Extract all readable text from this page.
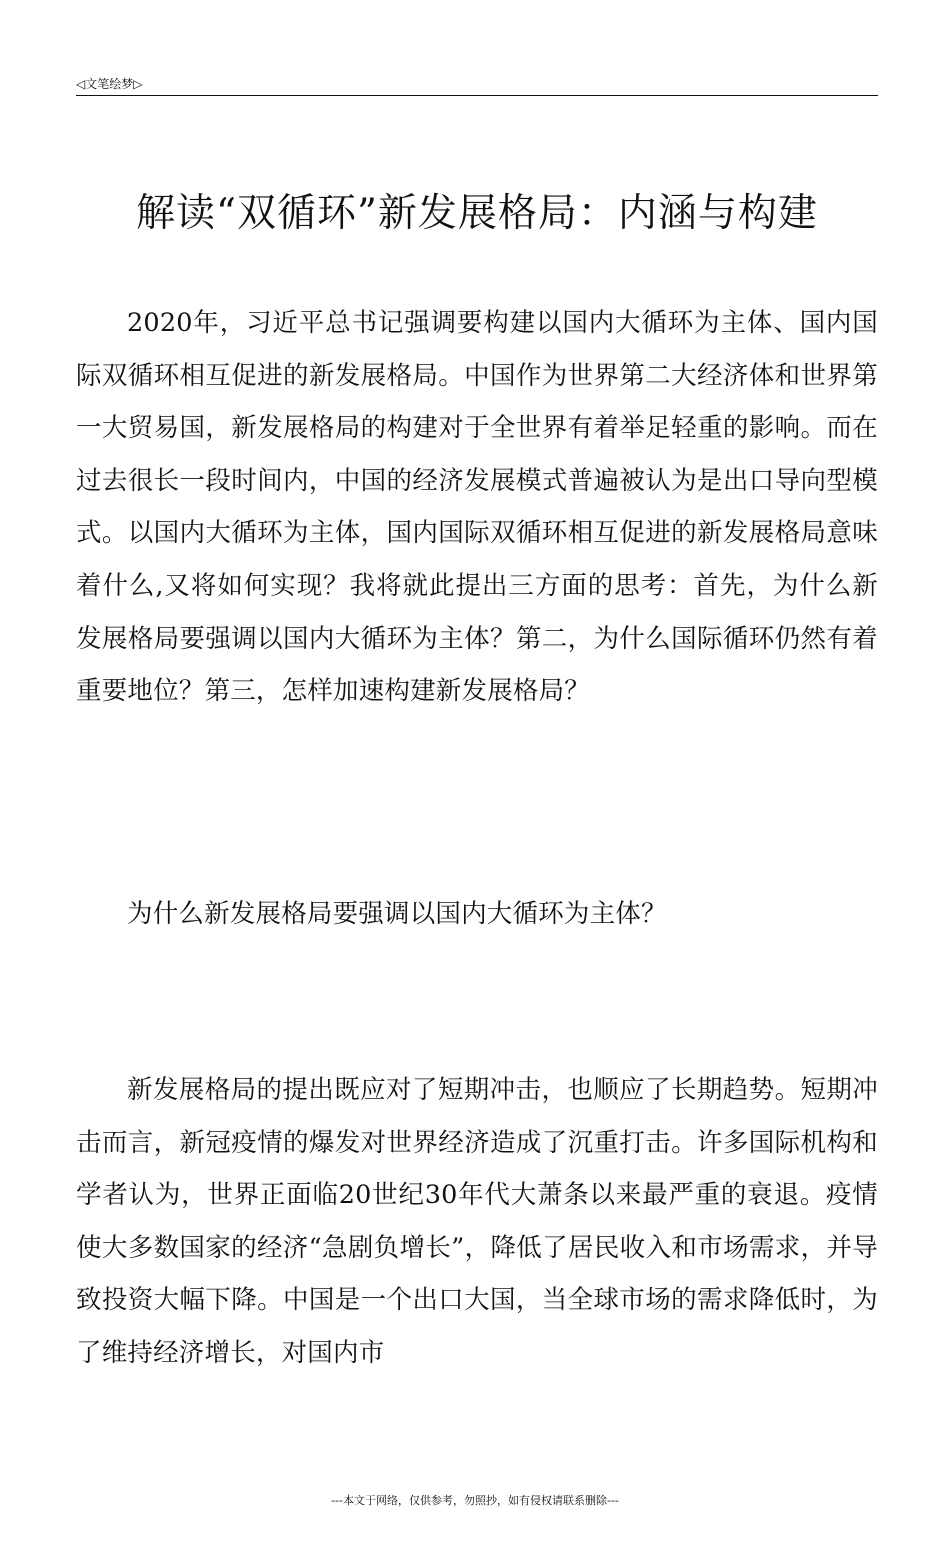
◁文笔绘梦▷
解读“双循环”新发展格局：内涵与构建

2020年，习近平总书记强调要构建以国内大循环为主体、国内国际双循环相互促进的新发展格局。中国作为世界第二大经济体和世界第一大贸易国，新发展格局的构建对于全世界有着举足轻重的影响。而在过去很长一段时间内，中国的经济发展模式普遍被认为是出口导向型模式。以国内大循环为主体，国内国际双循环相互促进的新发展格局意味着什么,又将如何实现？我将就此提出三方面的思考：首先，为什么新发展格局要强调以国内大循环为主体？第二，为什么国际循环仍然有着重要地位？第三，怎样加速构建新发展格局？

为什么新发展格局要强调以国内大循环为主体？

新发展格局的提出既应对了短期冲击，也顺应了长期趋势。短期冲击而言，新冠疫情的爆发对世界经济造成了沉重打击。许多国际机构和学者认为，世界正面临20世纪30年代大萧条以来最严重的衰退。疫情使大多数国家的经济“急剧负增长”，降低了居民收入和市场需求，并导致投资大幅下降。中国是一个出口大国，当全球市场的需求降低时，为了维持经济增长，对国内市

---本文于网络，仅供参考，勿照抄，如有侵权请联系删除---
